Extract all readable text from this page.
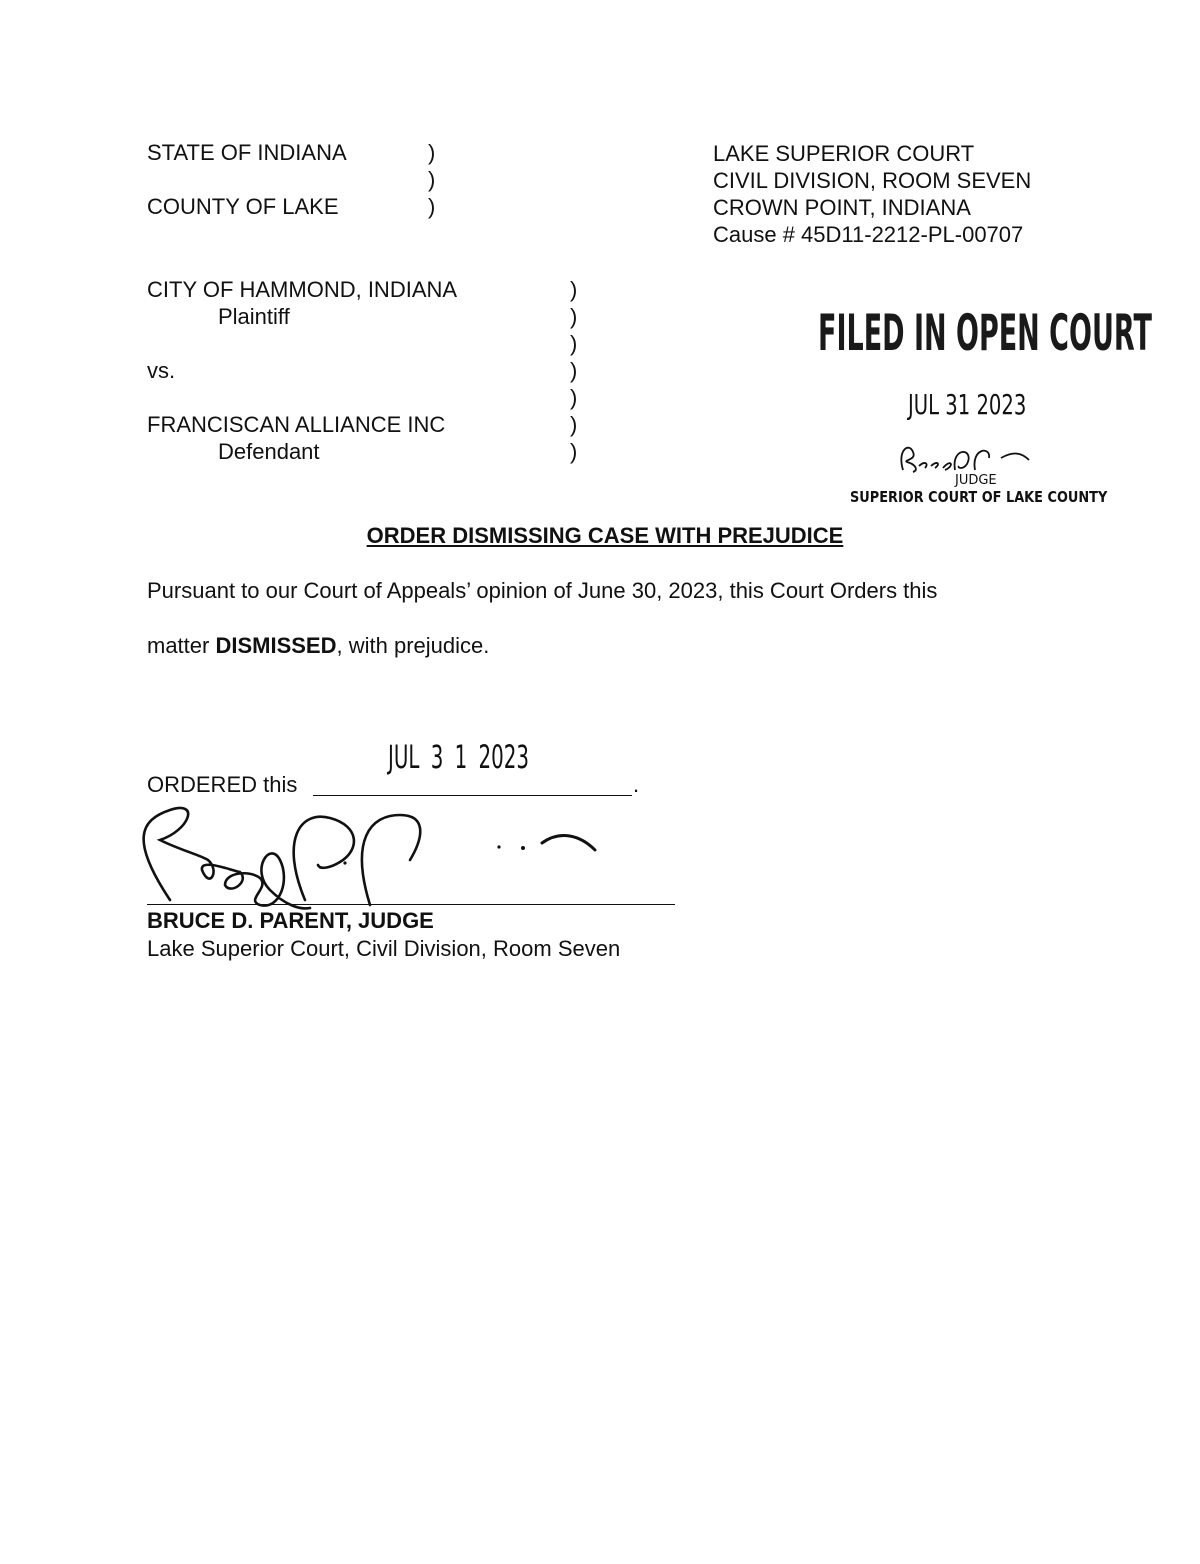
STATE OF INDIANA
COUNTY OF LAKE
)
)
)
LAKE SUPERIOR COURT
CIVIL DIVISION, ROOM SEVEN
CROWN POINT, INDIANA
Cause # 45D11-2212-PL-00707
CITY OF HAMMOND, INDIANA
Plaintiff
vs.
FRANCISCAN ALLIANCE INC
Defendant
)
)
)
)
)
)
)
FILED IN OPEN COURT
JUL 31 2023
JUDGE
SUPERIOR COURT OF LAKE COUNTY
ORDER DISMISSING CASE WITH PREJUDICE
Pursuant to our Court of Appeals’ opinion of June 30, 2023, this Court Orders this
matter DISMISSED, with prejudice.
JUL 3 1 2023
ORDERED this	.
BRUCE D. PARENT, JUDGE
Lake Superior Court, Civil Division, Room Seven
